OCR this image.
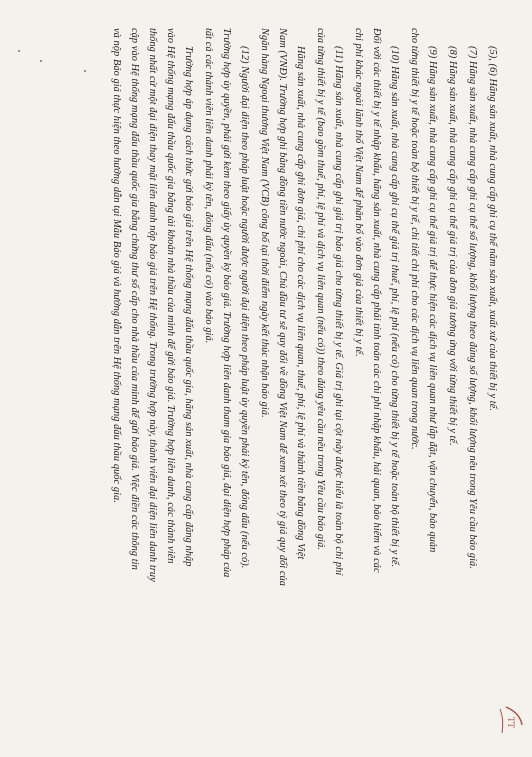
TT
(5), (6) Hãng sản xuất, nhà cung cấp ghi cụ thể năm sản xuất, xuất xứ của thiết bị y tế.
(7) Hãng sản xuất, nhà cung cấp ghi cụ thể số lượng, khối lượng theo đúng số lượng, khối lượng nêu trong Yêu cầu báo giá.
(8) Hãng sản xuất, nhà cung cấp ghi cụ thể giá trị của đơn giá tương ứng với từng thiết bị y tế.
(9) Hãng sản xuất, nhà cung cấp ghi cụ thể giá trị để thực hiện các dịch vụ liên quan như lắp đặt, vận chuyển, bảo quản
cho từng thiết bị y tế hoặc toàn bộ thiết bị y tế, chi tiết chi phí cho các dịch vụ liên quan trong nước.
(10) Hãng sản xuất, nhà cung cấp ghi cụ thể giá trị thuế, phí, lệ phí (nếu có) cho từng thiết bị y tế hoặc toàn bộ thiết bị y tế.
Đối với các thiết bị y tế nhập khẩu, hãng sản xuất, nhà cung cấp phải tính toán các chi phí nhập khẩu, hải quan, bảo hiểm và các
chi phí khác ngoài lãnh thổ Việt Nam để phân bổ vào đơn giá của thiết bị y tế.
(11) Hãng sản xuất, nhà cung cấp ghi giá trị báo giá cho từng thiết bị y tế. Giá trị ghi tại cột này được hiểu là toàn bộ chi phí
của từng thiết bị y tế (bao gồm thuế, phí, lệ phí và dịch vụ liên quan (nếu có)) theo đúng yêu cầu nêu trong Yêu cầu báo giá.
Hãng sản xuất, nhà cung cấp ghi đơn giá, chi phí cho các dịch vụ liên quan, thuế, phí, lệ phí và thành tiền bằng đồng Việt
Nam (VNĐ). Trường hợp ghi bằng đồng tiền nước ngoài, Chủ đầu tư sẽ quy đổi về đồng Việt Nam để xem xét theo tỷ giá quy đổi của
Ngân hàng Ngoại thương Việt Nam (VCB) công bố tại thời điểm ngày kết thúc nhận báo giá.
(12) Người đại diện theo pháp luật hoặc người được người đại diện theo pháp luật ủy quyền phải ký tên, đóng dấu (nếu có).
Trường hợp ủy quyền, phải gửi kèm theo giấy ủy quyền ký báo giá. Trường hợp liên danh tham gia báo giá, đại diện hợp pháp của
tất cả các thành viên liên danh phải ký tên, đóng dấu (nếu có) vào báo giá.
Trường hợp áp dụng cách thức gửi báo giá trên Hệ thống mạng đấu thầu quốc gia, hãng sản xuất, nhà cung cấp đăng nhập
vào Hệ thống mạng đấu thầu quốc gia bằng tài khoản nhà thầu của mình để gửi báo giá. Trường hợp liên danh, các thành viên
thống nhất cử một đại diện thay mặt liên danh nộp báo giá trên Hệ thống. Trong trường hợp này, thành viên đại diện liên danh truy
cập vào Hệ thống mạng đấu thầu quốc gia bằng chứng thư số cấp cho nhà thầu của mình để gửi báo giá. Việc điền các thông tin
và nộp Báo giá thực hiện theo hướng dẫn tại Mẫu Báo giá và hướng dẫn trên Hệ thống mạng đấu thầu quốc gia.
